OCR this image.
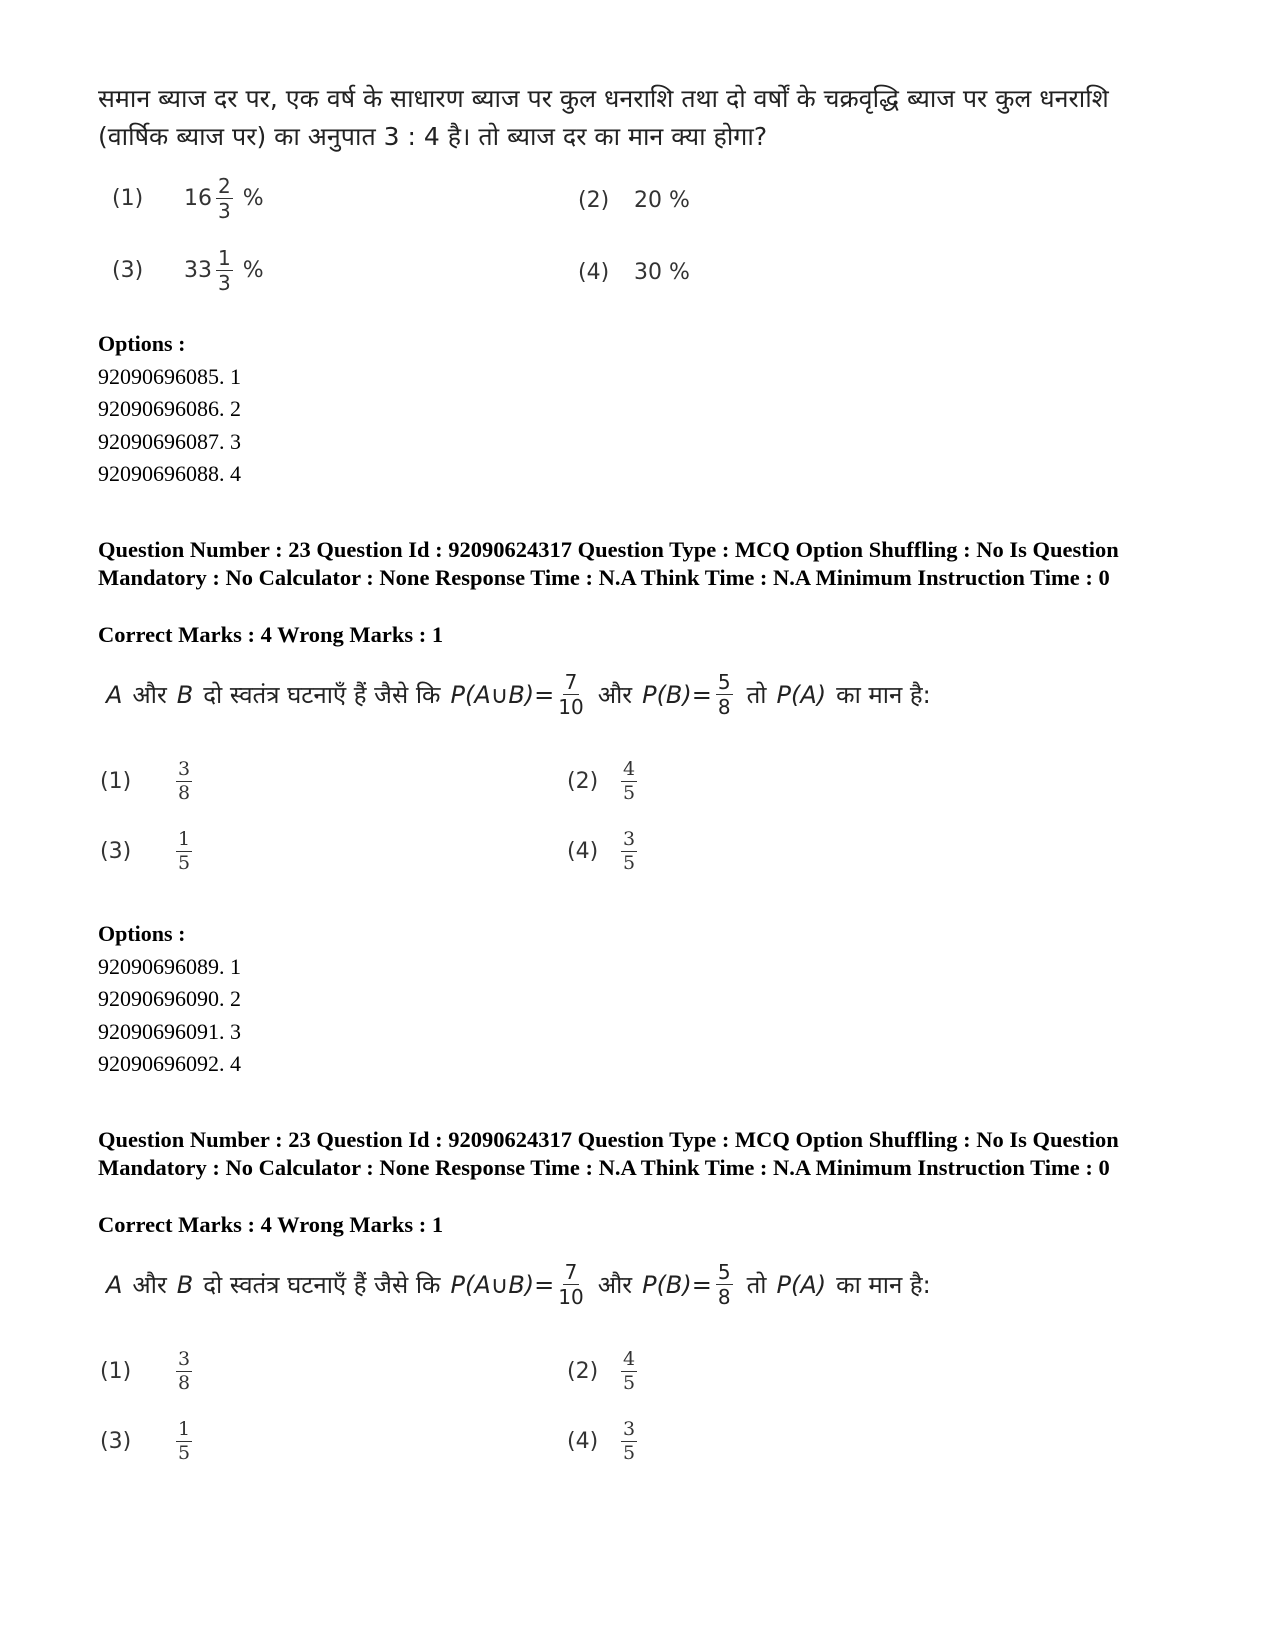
समान ब्याज दर पर, एक वर्ष के साधारण ब्याज पर कुल धनराशि तथा दो वर्षों के चक्रवृद्धि ब्याज पर कुल धनराशि (वार्षिक ब्याज पर) का अनुपात 3 : 4 है। तो ब्याज दर का मान क्या होगा?
(1)	$16 \frac{2}{3}$ %	(2)	20 %
(3)	$33 \frac{1}{3}$ %	(4)	30 %
Options :
92090696085. 1
92090696086. 2
92090696087. 3
92090696088. 4
Question Number : 23 Question Id : 92090624317 Question Type : MCQ Option Shuffling : No Is Question Mandatory : No Calculator : None Response Time : N.A Think Time : N.A Minimum Instruction Time : 0
Correct Marks : 4 Wrong Marks : 1
A और B दो स्वतंत्र घटनाएँ हैं जैसे कि P(A∪B)= $\frac{7}{10}$ और $P(B)= \frac{5}{8}$ तो P(A) का मान है:
(1)	$\frac{3}{8}$	(2)	$\frac{4}{5}$
(3)	$\frac{1}{5}$	(4)	$\frac{3}{5}$
Options :
92090696089. 1
92090696090. 2
92090696091. 3
92090696092. 4
Question Number : 23 Question Id : 92090624317 Question Type : MCQ Option Shuffling : No Is Question Mandatory : No Calculator : None Response Time : N.A Think Time : N.A Minimum Instruction Time : 0
Correct Marks : 4 Wrong Marks : 1
A और B दो स्वतंत्र घटनाएँ हैं जैसे कि P(A∪B)= $\frac{7}{10}$ और $P(B)= \frac{5}{8}$ तो P(A) का मान है:
(1)	$\frac{3}{8}$	(2)	$\frac{4}{5}$
(3)	$\frac{1}{5}$	(4)	$\frac{3}{5}$
